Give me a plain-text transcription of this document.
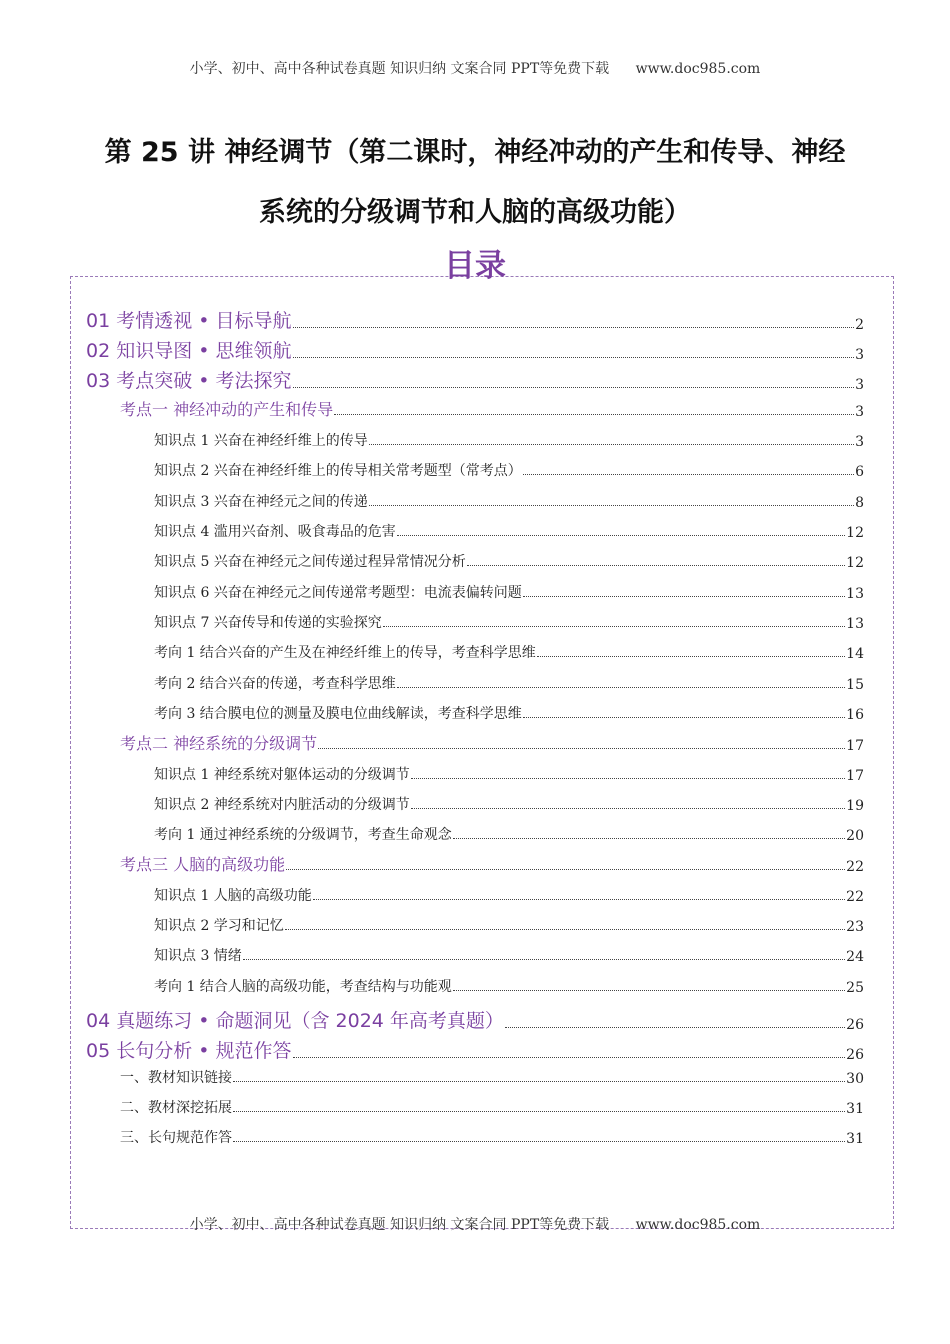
小学、初中、高中各种试卷真题 知识归纳 文案合同 PPT等免费下载 www.doc985.com
第 25 讲 神经调节（第二课时，神经冲动的产生和传导、神经
系统的分级调节和人脑的高级功能）
目录
01 考情透视 • 目标导航	2
02 知识导图 • 思维领航	3
03 考点突破 • 考法探究	3
考点一 神经冲动的产生和传导	3
知识点 1 兴奋在神经纤维上的传导	3
知识点 2 兴奋在神经纤维上的传导相关常考题型（常考点）	6
知识点 3 兴奋在神经元之间的传递	8
知识点 4 滥用兴奋剂、吸食毒品的危害	12
知识点 5 兴奋在神经元之间传递过程异常情况分析	12
知识点 6 兴奋在神经元之间传递常考题型：电流表偏转问题	13
知识点 7 兴奋传导和传递的实验探究	13
考向 1 结合兴奋的产生及在神经纤维上的传导，考查科学思维	14
考向 2 结合兴奋的传递，考查科学思维	15
考向 3 结合膜电位的测量及膜电位曲线解读，考查科学思维	16
考点二 神经系统的分级调节	17
知识点 1 神经系统对躯体运动的分级调节	17
知识点 2 神经系统对内脏活动的分级调节	19
考向 1 通过神经系统的分级调节，考查生命观念	20
考点三 人脑的高级功能	22
知识点 1 人脑的高级功能	22
知识点 2 学习和记忆	23
知识点 3 情绪	24
考向 1 结合人脑的高级功能，考查结构与功能观	25
04 真题练习 • 命题洞见（含 2024 年高考真题）	26
05 长句分析 • 规范作答	26
一、教材知识链接	30
二、教材深挖拓展	31
三、长句规范作答	31
小学、初中、高中各种试卷真题 知识归纳 文案合同 PPT等免费下载 www.doc985.com
